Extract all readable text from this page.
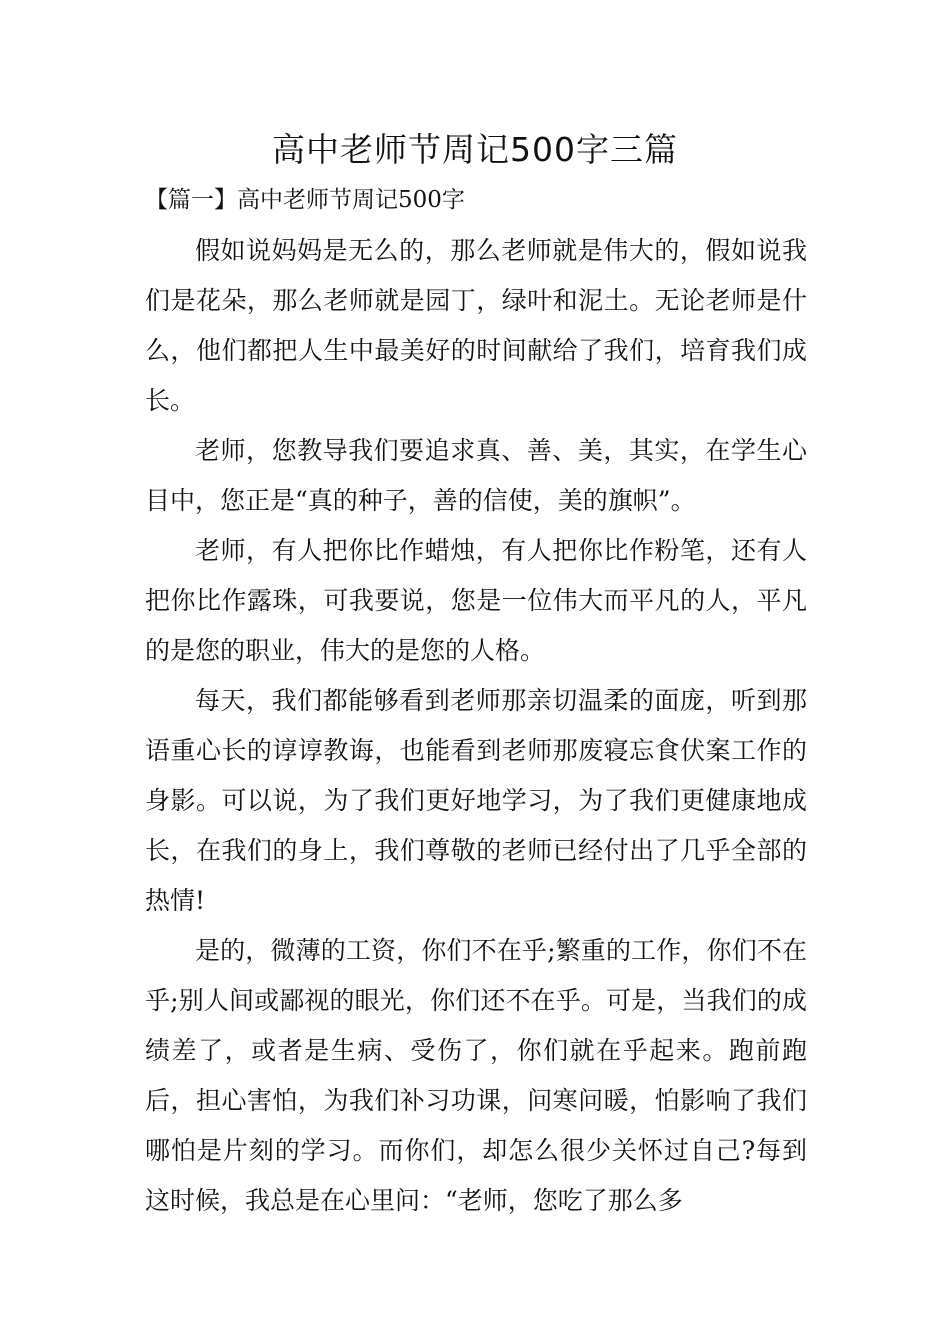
高中老师节周记500字三篇
【篇一】高中老师节周记500字

假如说妈妈是无么的，那么老师就是伟大的，假如说我们是花朵，那么老师就是园丁，绿叶和泥土。无论老师是什么，他们都把人生中最美好的时间献给了我们，培育我们成长。

老师，您教导我们要追求真、善、美，其实，在学生心目中，您正是“真的种子，善的信使，美的旗帜”。

老师，有人把你比作蜡烛，有人把你比作粉笔，还有人把你比作露珠，可我要说，您是一位伟大而平凡的人，平凡的是您的职业，伟大的是您的人格。

每天，我们都能够看到老师那亲切温柔的面庞，听到那语重心长的谆谆教诲，也能看到老师那废寝忘食伏案工作的身影。可以说，为了我们更好地学习，为了我们更健康地成长，在我们的身上，我们尊敬的老师已经付出了几乎全部的热情!

是的，微薄的工资，你们不在乎;繁重的工作，你们不在乎;别人间或鄙视的眼光，你们还不在乎。可是，当我们的成绩差了，或者是生病、受伤了，你们就在乎起来。跑前跑后，担心害怕，为我们补习功课，问寒问暖，怕影响了我们哪怕是片刻的学习。而你们，却怎么很少关怀过自己?每到这时候，我总是在心里问：“老师，您吃了那么多
